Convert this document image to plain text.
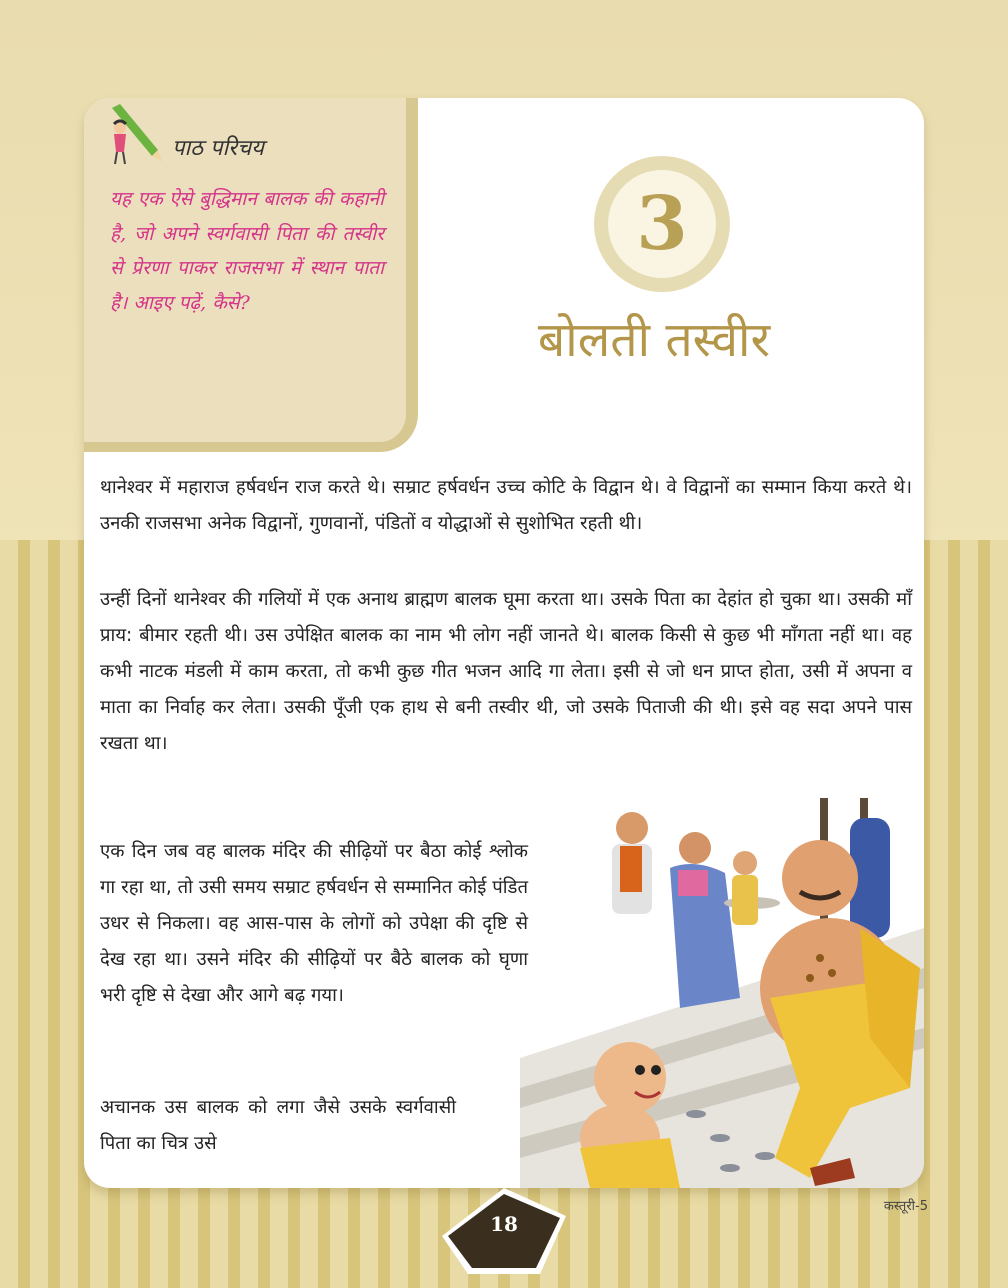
पाठ परिचय
यह एक ऐसे बुद्धिमान बालक की कहानी है, जो अपने स्वर्गवासी पिता की तस्वीर से प्रेरणा पाकर राजसभा में स्थान पाता है। आइए पढ़ें, कैसे?
3
बोलती तस्वीर
थानेश्वर में महाराज हर्षवर्धन राज करते थे। सम्राट हर्षवर्धन उच्च कोटि के विद्वान थे। वे विद्वानों का सम्मान किया करते थे। उनकी राजसभा अनेक विद्वानों, गुणवानों, पंडितों व योद्धाओं से सुशोभित रहती थी।
उन्हीं दिनों थानेश्वर की गलियों में एक अनाथ ब्राह्मण बालक घूमा करता था। उसके पिता का देहांत हो चुका था। उसकी माँ प्राय: बीमार रहती थी। उस उपेक्षित बालक का नाम भी लोग नहीं जानते थे। बालक किसी से कुछ भी माँगता नहीं था। वह कभी नाटक मंडली में काम करता, तो कभी कुछ गीत भजन आदि गा लेता। इसी से जो धन प्राप्त होता, उसी में अपना व माता का निर्वाह कर लेता। उसकी पूँजी एक हाथ से बनी तस्वीर थी, जो उसके पिताजी की थी। इसे वह सदा अपने पास रखता था।
एक दिन जब वह बालक मंदिर की सीढ़ियों पर बैठा कोई श्लोक गा रहा था, तो उसी समय सम्राट हर्षवर्धन से सम्मानित कोई पंडित उधर से निकला। वह आस-पास के लोगों को उपेक्षा की दृष्टि से देख रहा था। उसने मंदिर की सीढ़ियों पर बैठे बालक को घृणा भरी दृष्टि से देखा और आगे बढ़ गया।
अचानक उस बालक को लगा जैसे उसके स्वर्गवासी पिता का चित्र उसे
18
कस्तूरी-5
